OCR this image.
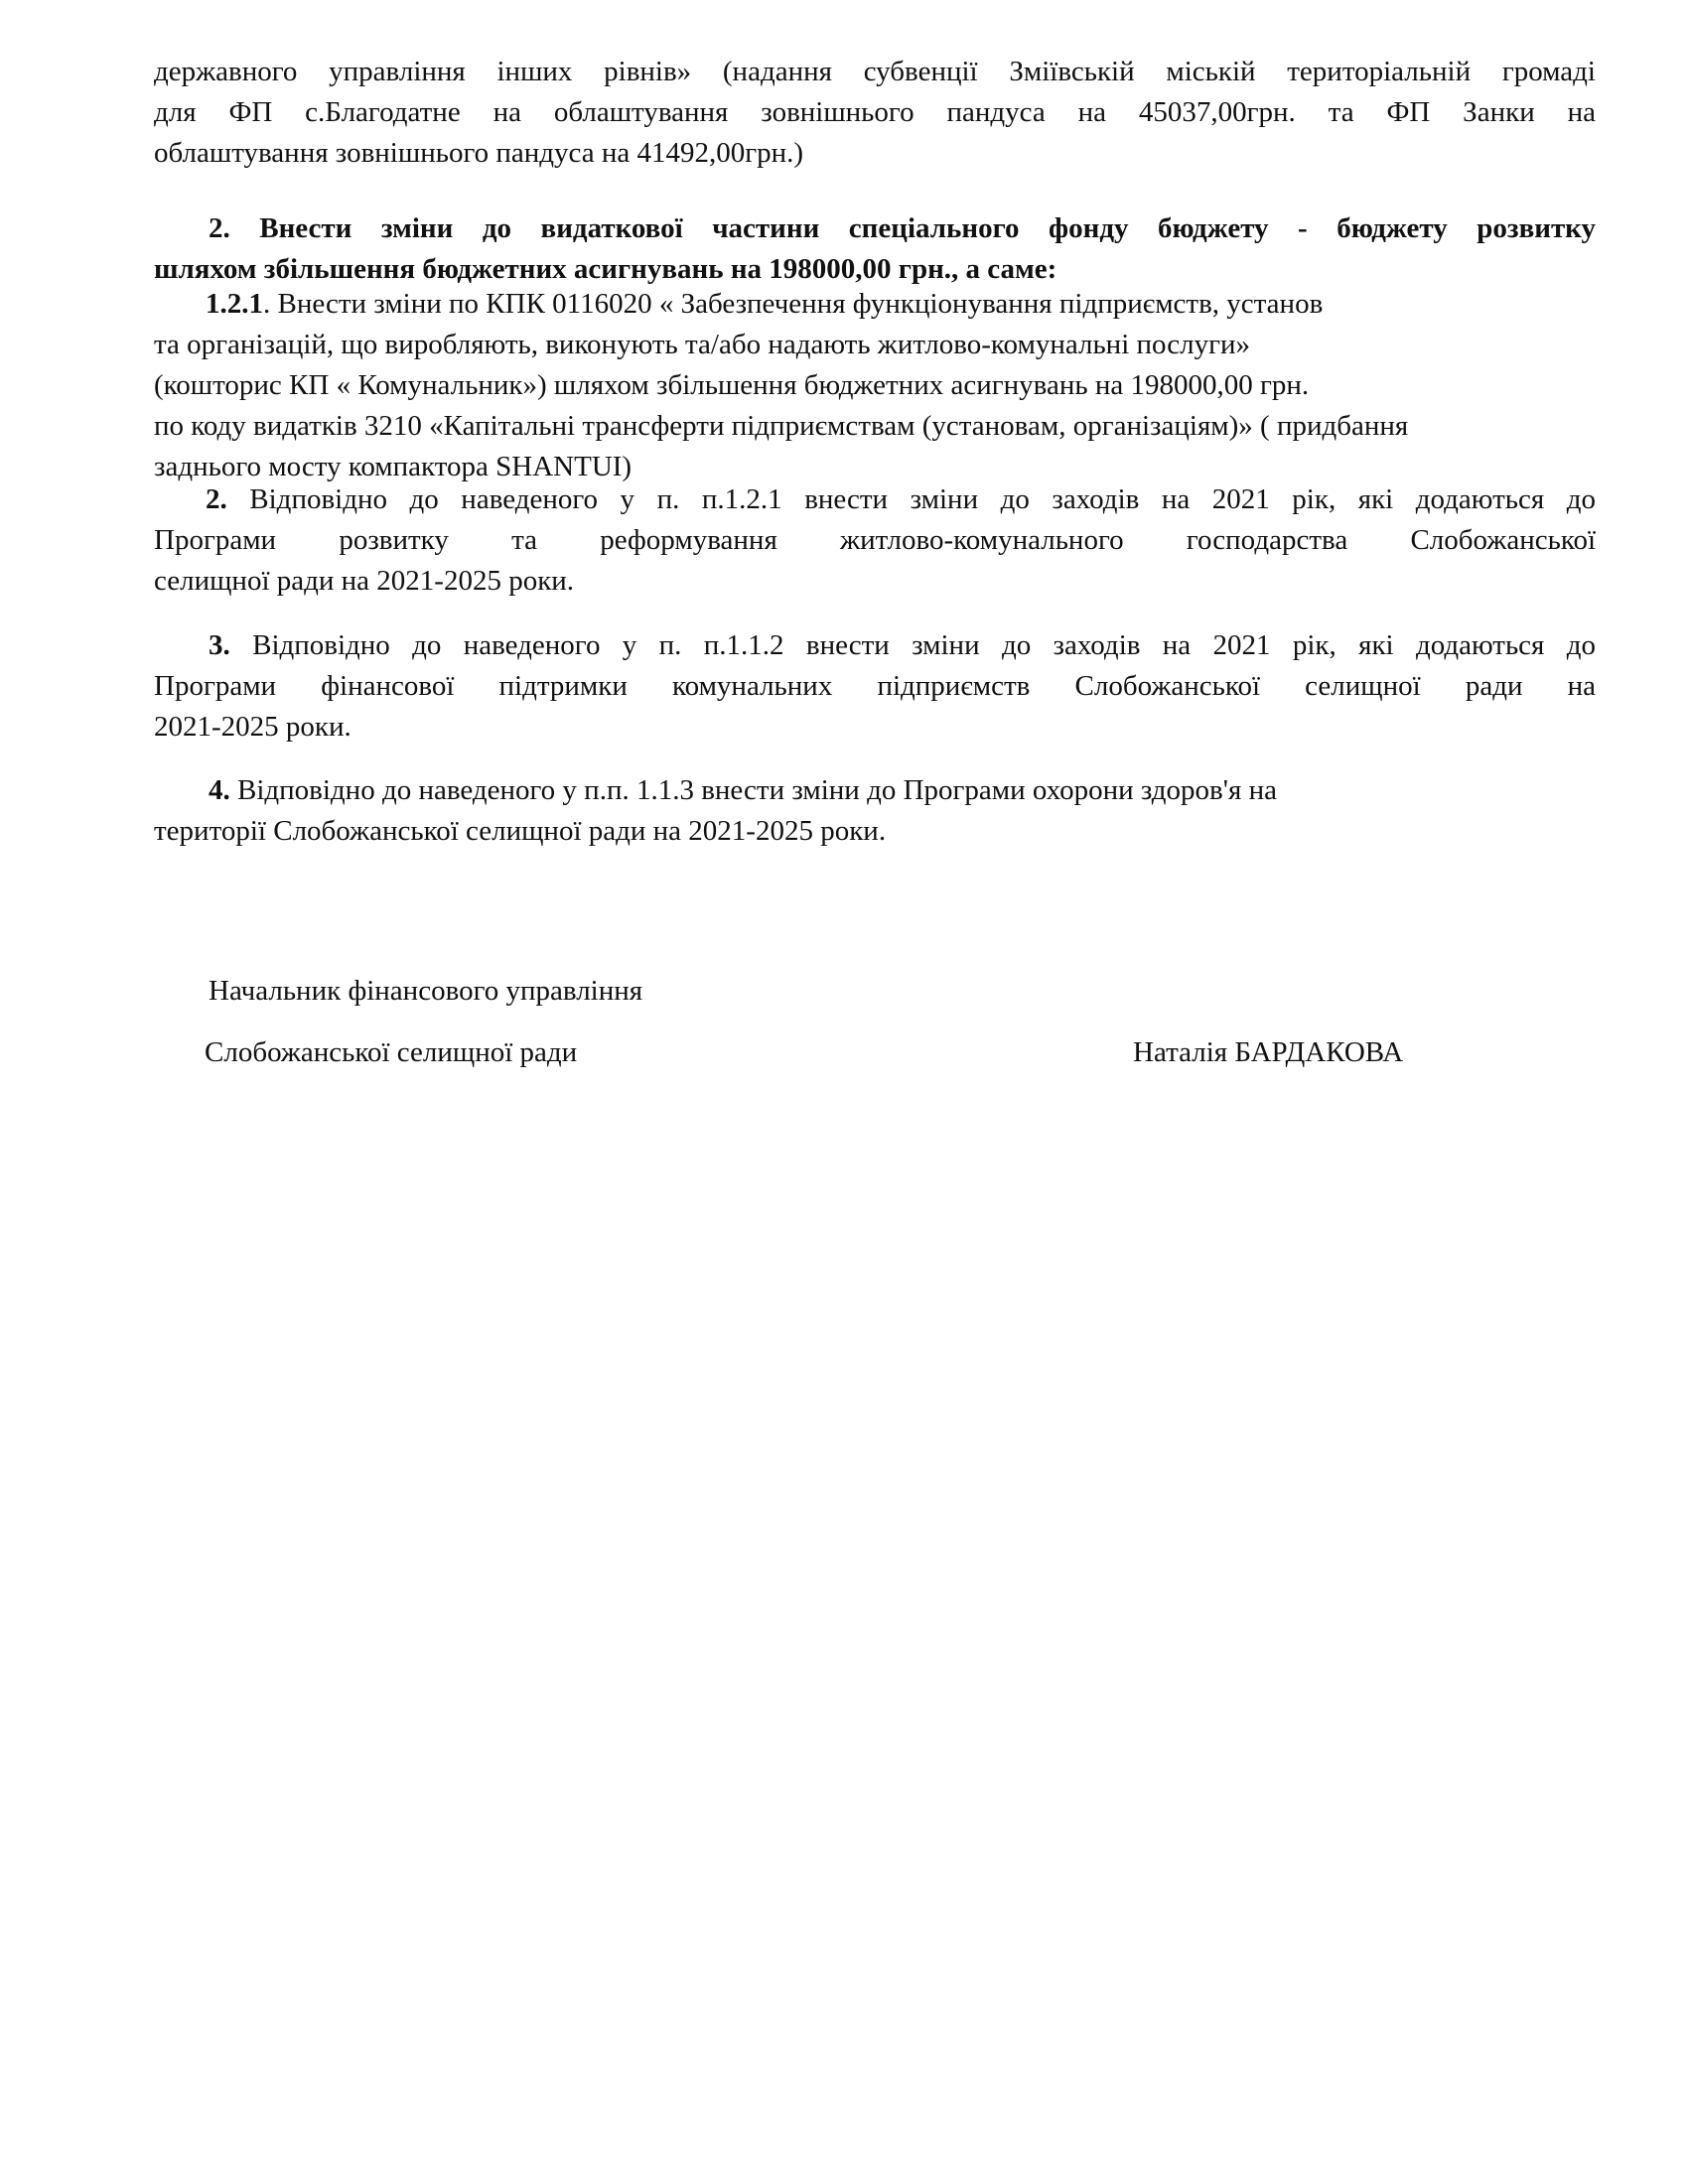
державного управління інших рівнів» (надання субвенції Зміївській міській територіальній громаді
для ФП с.Благодатне на облаштування зовнішнього пандуса на 45037,00грн. та ФП Занки на
облаштування зовнішнього пандуса на 41492,00грн.)
2. Внести зміни до видаткової частини спеціального фонду бюджету - бюджету розвитку
шляхом збільшення бюджетних асигнувань на 198000,00 грн., а саме:
1.2.1. Внести зміни по КПК 0116020 « Забезпечення функціонування підприємств, установ
та організацій, що виробляють, виконують та/або надають житлово-комунальні послуги»
(кошторис КП « Комунальник») шляхом збільшення бюджетних асигнувань на 198000,00 грн.
по коду видатків 3210 «Капітальні трансферти підприємствам (установам, організаціям)» ( придбання
заднього мосту компактора SHANTUI)
2. Відповідно до наведеного у п. п.1.2.1 внести зміни до заходів на 2021 рік, які додаються до
Програми розвитку та реформування житлово-комунального господарства Слобожанської
селищної ради на 2021-2025 роки.
3. Відповідно до наведеного у п. п.1.1.2 внести зміни до заходів на 2021 рік, які додаються до
Програми фінансової підтримки комунальних підприємств Слобожанської селищної ради на
2021-2025 роки.
4. Відповідно до наведеного у п.п. 1.1.3 внести зміни до Програми охорони здоров'я на
території Слобожанської селищної ради на 2021-2025 роки.
Начальник фінансового управління
Слобожанської селищної ради	Наталія БАРДАКОВА
